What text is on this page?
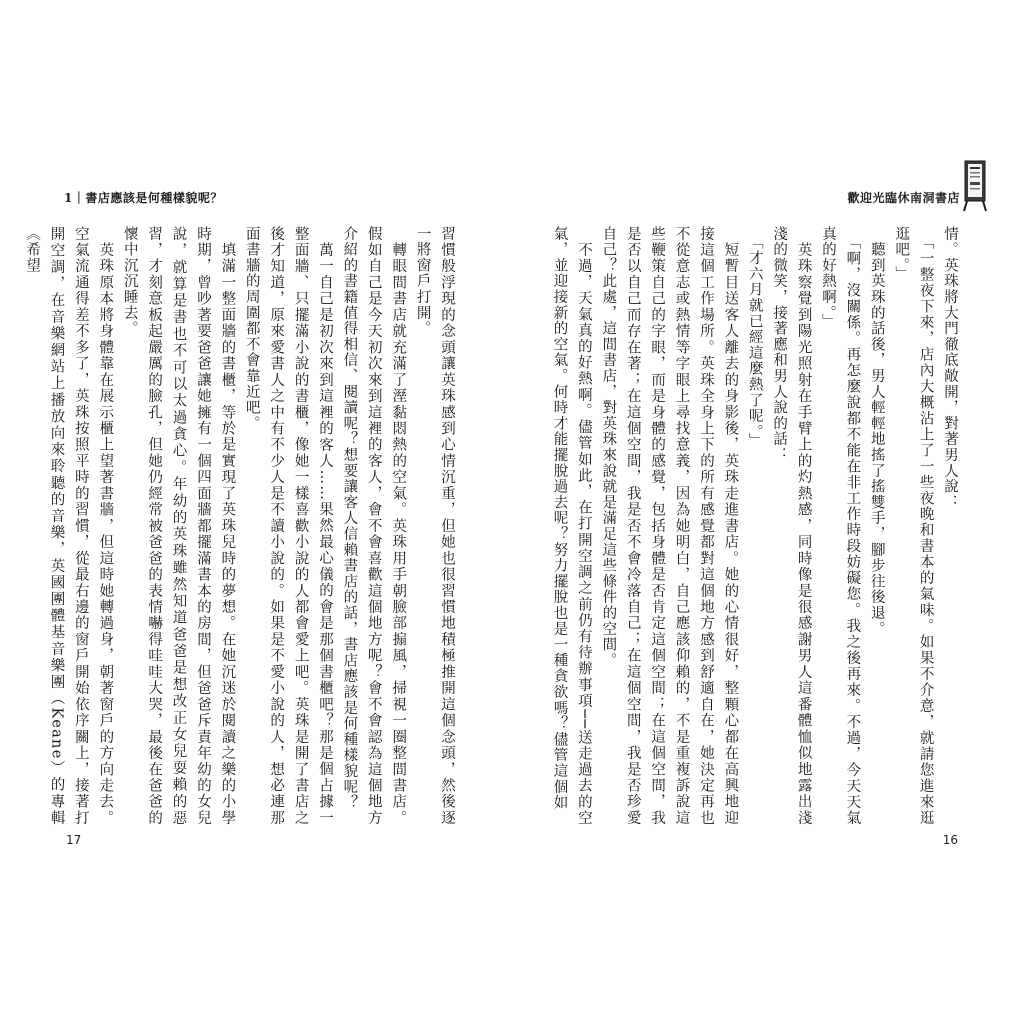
1｜書店應該是何種樣貌呢？

習慣般浮現的念頭讓英珠感到心情沉重，但她也很習慣地積極推開這個念頭，然後逐一將窗戶打開。

　轉眼間書店就充滿了溼黏悶熱的空氣。英珠用手朝臉部搧風，掃視一圈整間書店。假如自己是今天初次來到這裡的客人，會不會喜歡這個地方呢？會不會認為這個地方介紹的書籍值得相信、閱讀呢？想要讓客人信賴書店的話，書店應該是何種樣貌呢？

　萬一自己是初次來到這裡的客人……果然最心儀的會是那個書櫃吧？那是個占據一整面牆、只擺滿小說的書櫃，像她一樣喜歡小說的人都會愛上吧。英珠是開了書店之後才知道，原來愛書人之中有不少人是不讀小說的。如果是不愛小說的人，想必連那面書牆的周圍都不會靠近吧。

　填滿一整面牆的書櫃，等於是實現了英珠兒時的夢想。在她沉迷於閱讀之樂的小學時期，曾吵著要爸爸讓她擁有一個四面牆都擺滿書本的房間，但爸爸斥責年幼的女兒說，就算是書也不可以太過貪心。年幼的英珠雖然知道爸爸是想改正女兒耍賴的惡習，才刻意板起嚴厲的臉孔，但她仍經常被爸爸的表情嚇得哇哇大哭，最後在爸爸的懷中沉沉睡去。

　英珠原本將身體靠在展示櫃上望著書牆，但這時她轉過身，朝著窗戶的方向走去。空氣流通得差不多了，英珠按照平時的習慣，從最右邊的窗戶開始依序關上，接著打開空調，在音樂網站上播放向來聆聽的音樂，英國團體基音樂團（Keane）的專輯《希望

17
歡迎光臨休南洞書店

情。英珠將大門徹底敞開，對著男人說：

　「一整夜下來，店內大概沾上了一些夜晚和書本的氣味。如果不介意，就請您進來逛逛吧。」

　聽到英珠的話後，男人輕輕地搖了搖雙手，腳步往後退。

　「啊，沒關係。再怎麼說都不能在非工作時段妨礙您。我之後再來。不過，今天天氣真的好熱啊。」

　英珠察覺到陽光照射在手臂上的灼熱感，同時像是很感謝男人這番體恤似地露出淺淺的微笑，接著應和男人說的話：

　「才六月就已經這麼熱了呢。」

　短暫目送客人離去的身影後，英珠走進書店。她的心情很好，整顆心都在高興地迎接這個工作場所。英珠全身上下的所有感覺都對這個地方感到舒適自在，她決定再也不從意志或熱情等字眼上尋找意義，因為她明白，自己應該仰賴的，不是重複訴說這些鞭策自己的字眼，而是身體的感覺，包括身體是否肯定這個空間；在這個空間，我是否以自己而存在著；在這個空間，我是否不會冷落自己；在這個空間，我是否珍愛自己？此處，這間書店，對英珠來說就是滿足這些條件的空間。

　不過，天氣真的好熱啊。儘管如此，在打開空調之前仍有待辦事項──送走過去的空氣，並迎接新的空氣。何時才能擺脫過去呢？努力擺脫也是一種貪欲嗎？儘管這個如

16
